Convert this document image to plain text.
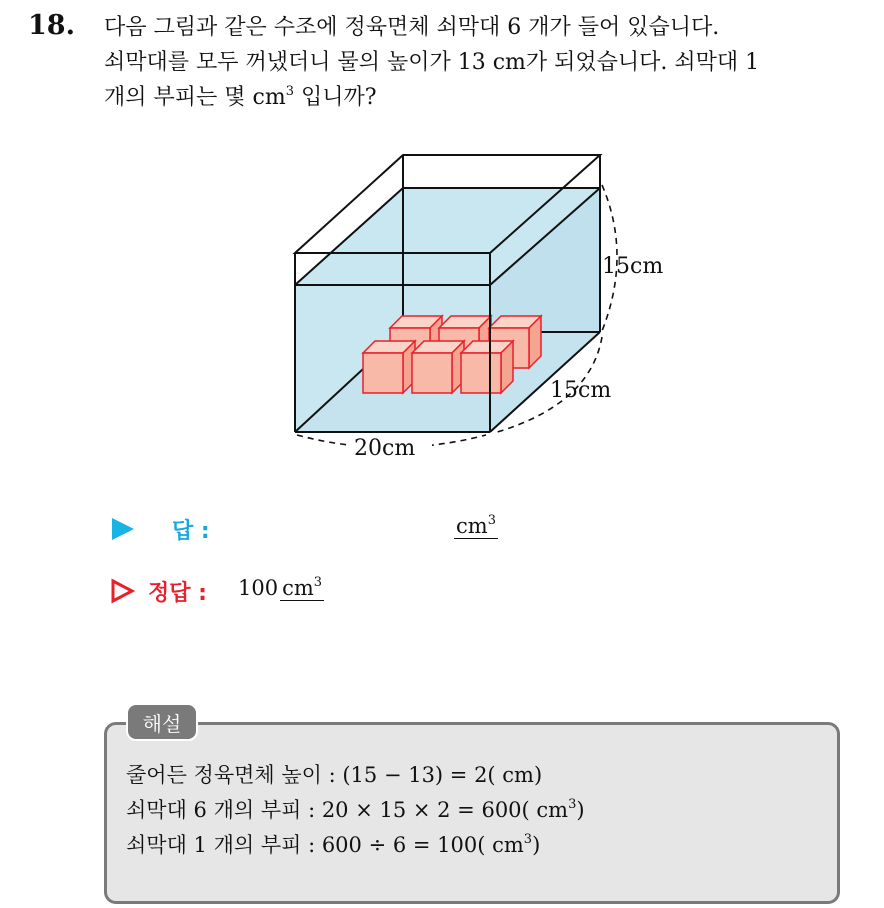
18. 다음 그림과 같은 수조에 정육면체 쇠막대 6 개가 들어 있습니다.
쇠막대를 모두 꺼냈더니 물의 높이가 13 cm가 되었습니다. 쇠막대 1
개의 부피는 몇 $cm^3$ 입니까?
15cm
15cm
20cm
답 :	$cm^3$
정답 : 100 $cm^3$
해설
줄어든 정육면체 높이 : (15 − 13) = 2( cm)
쇠막대 6 개의 부피 : 20 × 15 × 2 = 600( $cm^3$)
쇠막대 1 개의 부피 : 600 ÷ 6 = 100( $cm^3$)
